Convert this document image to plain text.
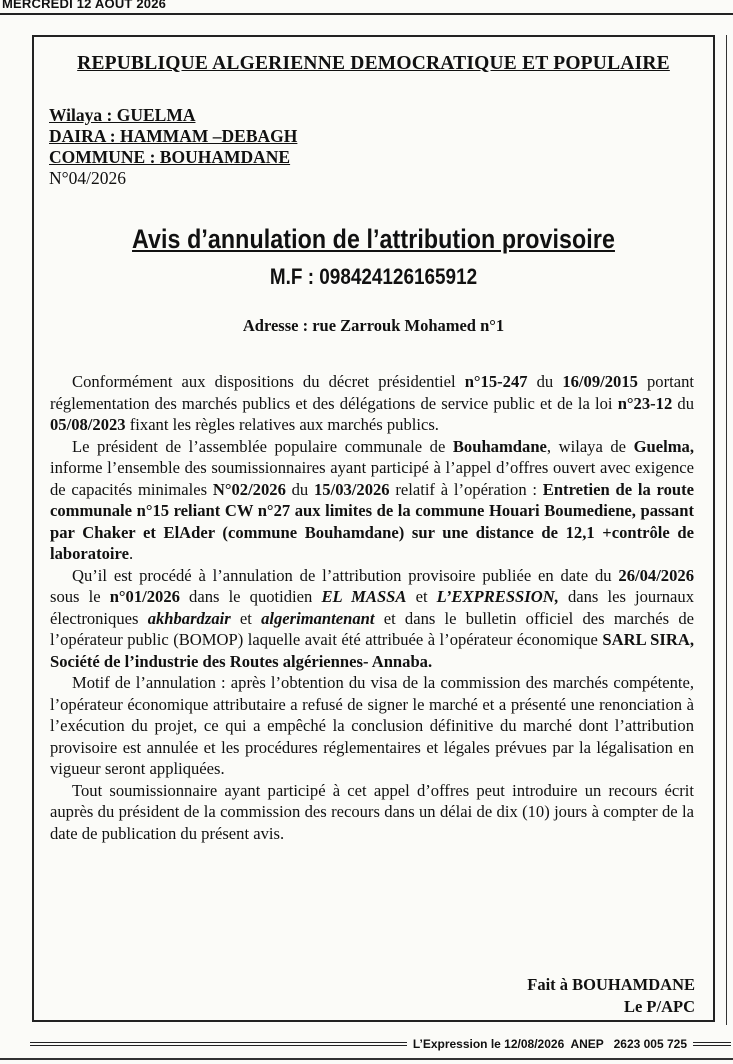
MERCREDI 12 AOUT 2026
REPUBLIQUE ALGERIENNE DEMOCRATIQUE ET POPULAIRE
Wilaya : GUELMA
DAIRA : HAMMAM –DEBAGH
COMMUNE : BOUHAMDANE
N°04/2026
Avis d’annulation de l’attribution provisoire
M.F : 098424126165912
Adresse : rue Zarrouk Mohamed n°1

Conformément aux dispositions du décret présidentiel n°15-247 du 16/09/2015 portant réglementation des marchés publics et des délégations de service public et de la loi n°23-12 du 05/08/2023 fixant les règles relatives aux marchés publics.

Le président de l’assemblée populaire communale de Bouhamdane, wilaya de Guelma, informe l’ensemble des soumissionnaires ayant participé à l’appel d’offres ouvert avec exigence de capacités minimales N°02/2026 du 15/03/2026 relatif à l’opération : Entretien de la route communale n°15 reliant CW n°27 aux limites de la commune Houari Boumediene, passant par Chaker et ElAder (commune Bouhamdane) sur une distance de 12,1 +contrôle de laboratoire.

Qu’il est procédé à l’annulation de l’attribution provisoire publiée en date du 26/04/2026 sous le n°01/2026 dans le quotidien EL MASSA et L’EXPRESSION, dans les journaux électroniques akhbardzair et algerimantenant et dans le bulletin officiel des marchés de l’opérateur public (BOMOP) laquelle avait été attribuée à l’opérateur économique SARL SIRA, Société de l’industrie des Routes algériennes- Annaba.

Motif de l’annulation : après l’obtention du visa de la commission des marchés compétente, l’opérateur économique attributaire a refusé de signer le marché et a présenté une renonciation à l’exécution du projet, ce qui a empêché la conclusion définitive du marché dont l’attribution provisoire est annulée et les procédures réglementaires et légales prévues par la légalisation en vigueur seront appliquées.

Tout soumissionnaire ayant participé à cet appel d’offres peut introduire un recours écrit auprès du président de la commission des recours dans un délai de dix (10) jours à compter de la date de publication du présent avis.

Fait à BOUHAMDANE
Le P/APC
L’Expression le 12/08/2026  ANEP   2623 005 725
